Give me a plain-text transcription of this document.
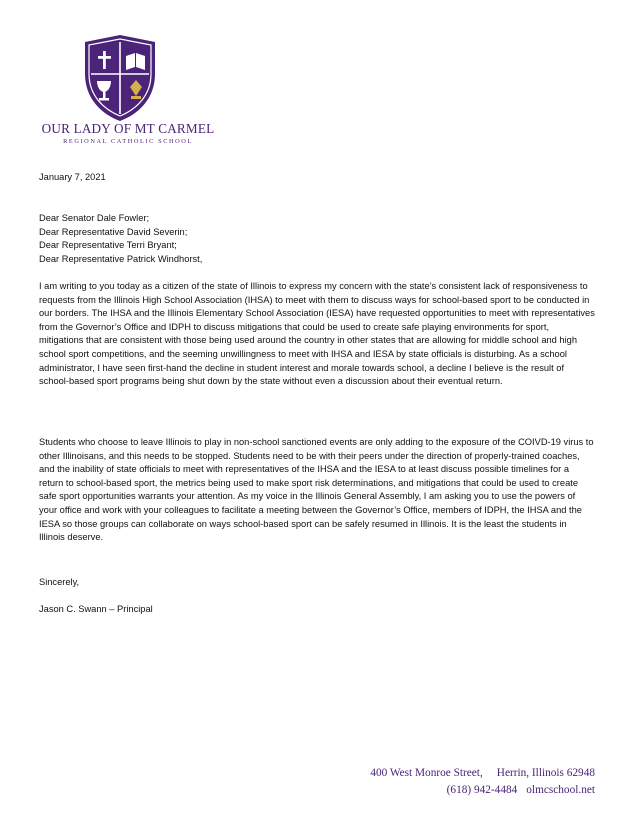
OUR LADY OF MT CARMEL
REGIONAL CATHOLIC SCHOOL
January 7, 2021
Dear Senator Dale Fowler;
Dear Representative David Severin;
Dear Representative Terri Bryant;
Dear Representative Patrick Windhorst,
I am writing to you today as a citizen of the state of Illinois to express my concern with the state’s consistent lack of responsiveness to requests from the Illinois High School Association (IHSA) to meet with them to discuss ways for school-based sport to be conducted in our borders. The IHSA and the Illinois Elementary School Association (IESA) have requested opportunities to meet with representatives from the Governor’s Office and IDPH to discuss mitigations that could be used to create safe playing environments for sport, mitigations that are consistent with those being used around the country in other states that are allowing for middle school and high school sport competitions, and the seeming unwillingness to meet with IHSA and IESA by state officials is disturbing. As a school administrator, I have seen first-hand the decline in student interest and morale towards school, a decline I believe is the result of school-based sport programs being shut down by the state without even a discussion about their eventual return.
Students who choose to leave Illinois to play in non-school sanctioned events are only adding to the exposure of the COIVD-19 virus to other Illinoisans, and this needs to be stopped. Students need to be with their peers under the direction of properly-trained coaches, and the inability of state officials to meet with representatives of the IHSA and the IESA to at least discuss possible timelines for a return to school-based sport, the metrics being used to make sport risk determinations, and mitigations that could be used to create safe sport opportunities warrants your attention. As my voice in the Illinois General Assembly, I am asking you to use the powers of your office and work with your colleagues to facilitate a meeting between the Governor’s Office, members of IDPH, the IHSA and the IESA so those groups can collaborate on ways school-based sport can be safely resumed in Illinois. It is the least the students in Illinois deserve.
Sincerely,
Jason C. Swann – Principal
400 West Monroe Street, Herrin, Illinois 62948
(618) 942-4484 olmcschool.net
